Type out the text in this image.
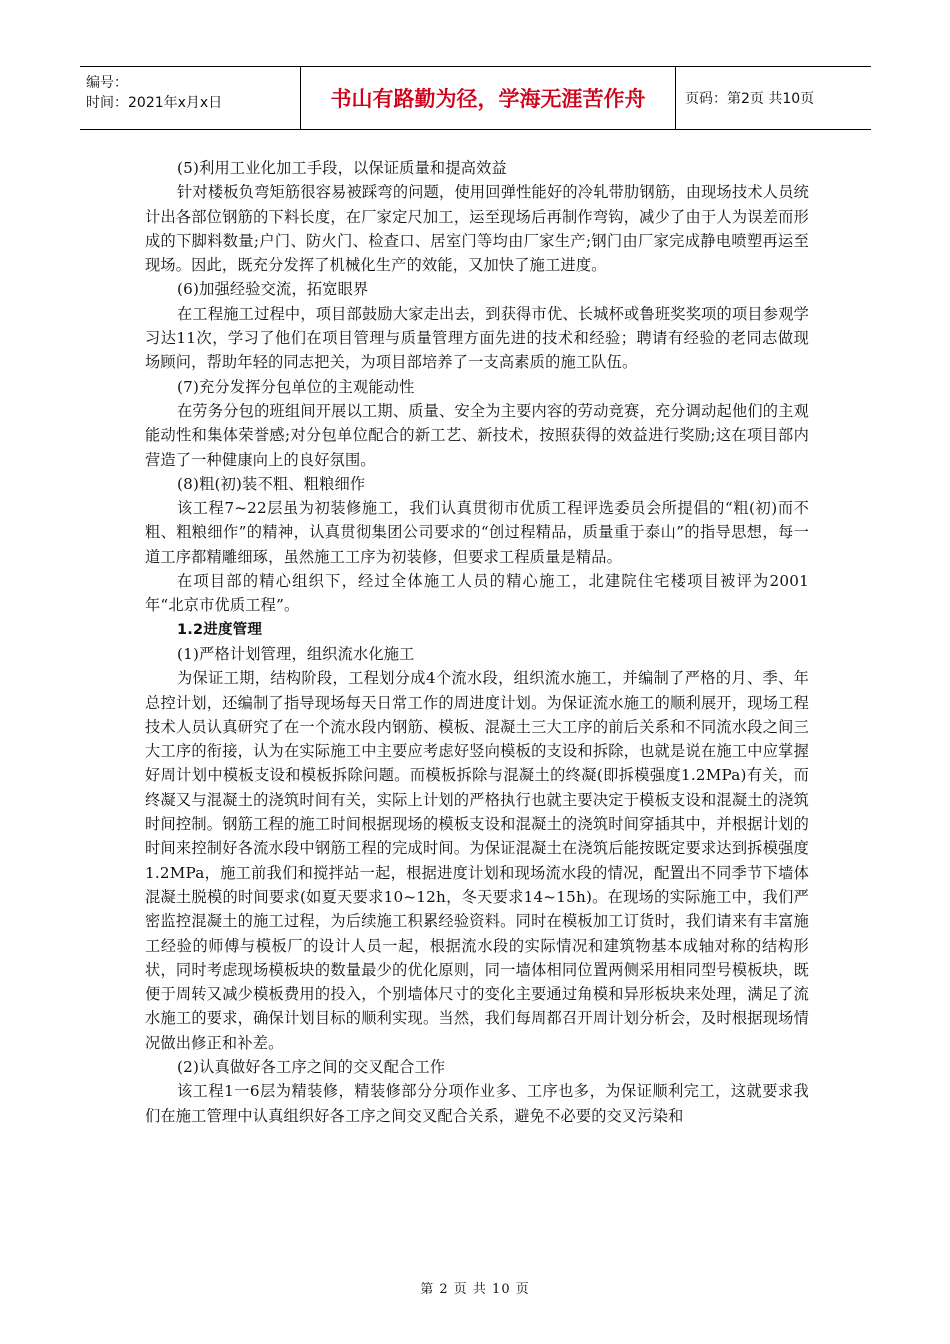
编号：
时间：2021年x月x日	书山有路勤为径，学海无涯苦作舟	页码：第2页 共10页

(5)利用工业化加工手段，以保证质量和提高效益

针对楼板负弯矩筋很容易被踩弯的问题，使用回弹性能好的冷轧带肋钢筋，由现场技术人员统计出各部位钢筋的下料长度，在厂家定尺加工，运至现场后再制作弯钩，减少了由于人为误差而形成的下脚料数量;户门、防火门、检查口、居室门等均由厂家生产;钢门由厂家完成静电喷塑再运至现场。因此，既充分发挥了机械化生产的效能，又加快了施工进度。

(6)加强经验交流，拓宽眼界

在工程施工过程中，项目部鼓励大家走出去，到获得市优、长城杯或鲁班奖奖项的项目参观学习达11次，学习了他们在项目管理与质量管理方面先进的技术和经验；聘请有经验的老同志做现场顾问，帮助年轻的同志把关，为项目部培养了一支高素质的施工队伍。

(7)充分发挥分包单位的主观能动性

在劳务分包的班组间开展以工期、质量、安全为主要内容的劳动竞赛，充分调动起他们的主观能动性和集体荣誉感;对分包单位配合的新工艺、新技术，按照获得的效益进行奖励;这在项目部内营造了一种健康向上的良好氛围。

(8)粗(初)装不粗、粗粮细作

该工程7~22层虽为初装修施工，我们认真贯彻市优质工程评选委员会所提倡的“粗(初)而不粗、粗粮细作”的精神，认真贯彻集团公司要求的“创过程精品，质量重于泰山”的指导思想，每一道工序都精雕细琢，虽然施工工序为初装修，但要求工程质量是精品。

在项目部的精心组织下，经过全体施工人员的精心施工，北建院住宅楼项目被评为2001年“北京市优质工程”。

1.2进度管理

(1)严格计划管理，组织流水化施工

为保证工期，结构阶段，工程划分成4个流水段，组织流水施工，并编制了严格的月、季、年总控计划，还编制了指导现场每天日常工作的周进度计划。为保证流水施工的顺利展开，现场工程技术人员认真研究了在一个流水段内钢筋、模板、混凝土三大工序的前后关系和不同流水段之间三大工序的衔接，认为在实际施工中主要应考虑好竖向模板的支设和拆除，也就是说在施工中应掌握好周计划中模板支设和模板拆除问题。而模板拆除与混凝土的终凝(即拆模强度1.2MPa)有关，而终凝又与混凝土的浇筑时间有关，实际上计划的严格执行也就主要决定于模板支设和混凝土的浇筑时间控制。钢筋工程的施工时间根据现场的模板支设和混凝土的浇筑时间穿插其中，并根据计划的时间来控制好各流水段中钢筋工程的完成时间。为保证混凝土在浇筑后能按既定要求达到拆模强度1.2MPa，施工前我们和搅拌站一起，根据进度计划和现场流水段的情况，配置出不同季节下墙体混凝土脱模的时间要求(如夏天要求10~12h，冬天要求14~15h)。在现场的实际施工中，我们严密监控混凝土的施工过程，为后续施工积累经验资料。同时在模板加工订货时，我们请来有丰富施工经验的师傅与模板厂的设计人员一起，根据流水段的实际情况和建筑物基本成轴对称的结构形状，同时考虑现场模板块的数量最少的优化原则，同一墙体相同位置两侧采用相同型号模板块，既便于周转又减少模板费用的投入，个别墙体尺寸的变化主要通过角模和异形板块来处理，满足了流水施工的要求，确保计划目标的顺利实现。当然，我们每周都召开周计划分析会，及时根据现场情况做出修正和补差。

(2)认真做好各工序之间的交叉配合工作

该工程1一6层为精装修，精装修部分分项作业多、工序也多，为保证顺利完工，这就要求我们在施工管理中认真组织好各工序之间交叉配合关系，避免不必要的交叉污染和

第 2 页 共 10 页
